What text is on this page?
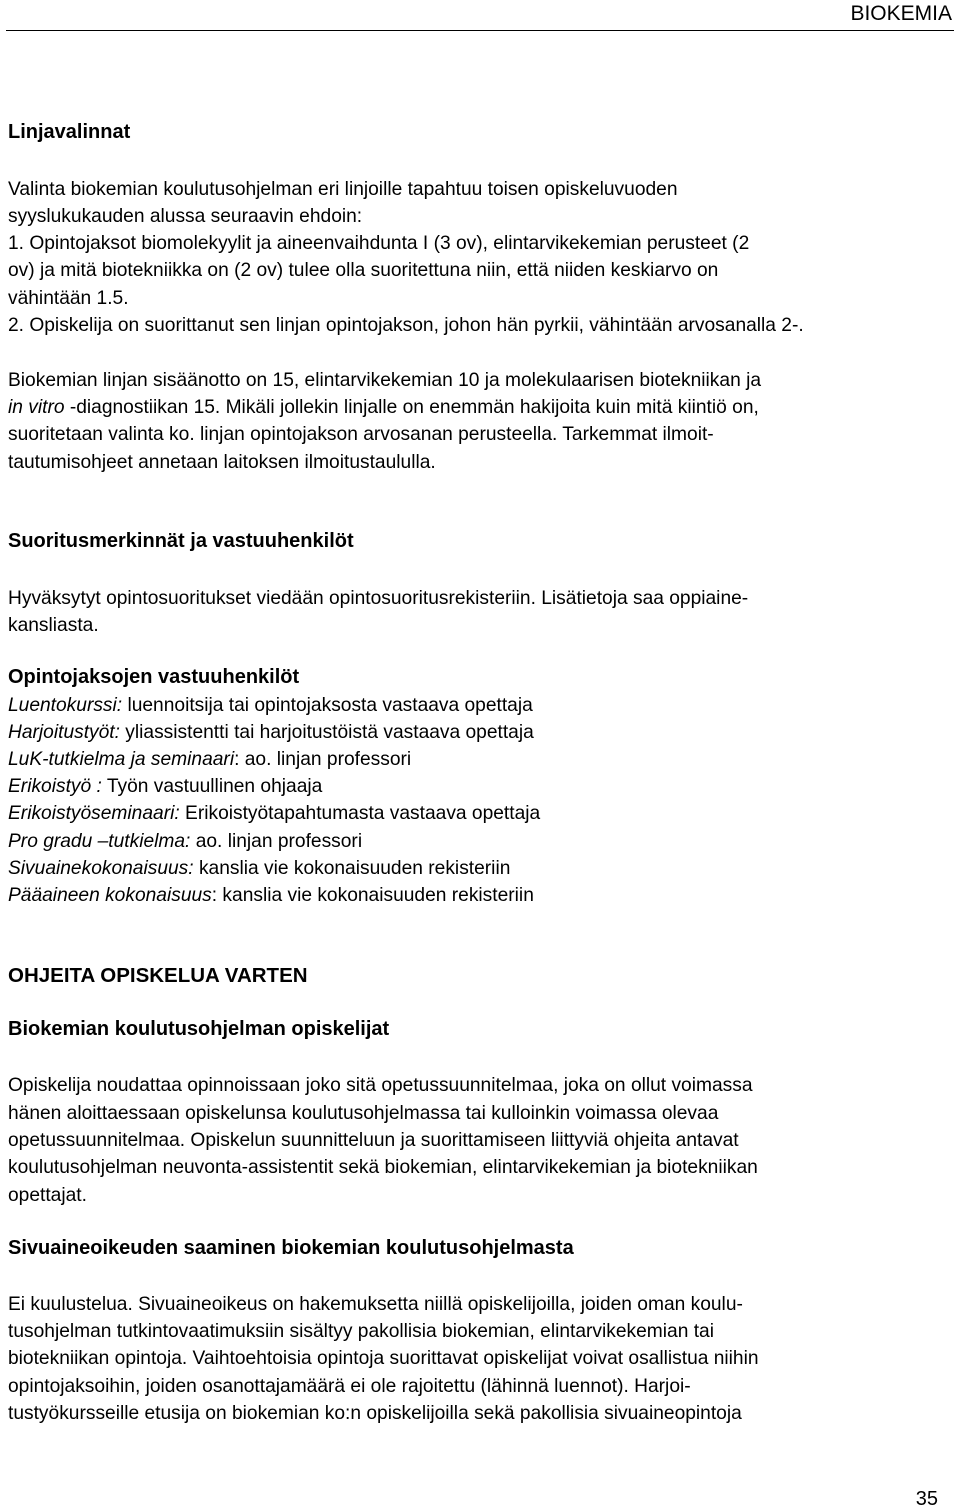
BIOKEMIA
Linjavalinnat

Valinta biokemian koulutusohjelman eri linjoille tapahtuu toisen opiskeluvuoden

syyslukukauden alussa seuraavin ehdoin:

1. Opintojaksot biomolekyylit ja aineenvaihdunta I (3 ov), elintarvikekemian perusteet (2

ov) ja mitä biotekniikka on (2 ov) tulee olla suoritettuna niin, että niiden keskiarvo on

vähintään 1.5.

2. Opiskelija on suorittanut sen linjan opintojakson, johon hän pyrkii, vähintään arvosanalla 2-.

Biokemian linjan sisäänotto on 15, elintarvikekemian 10 ja molekulaarisen biotekniikan ja

in vitro -diagnostiikan 15. Mikäli jollekin linjalle on enemmän hakijoita kuin mitä kiintiö on,

suoritetaan valinta ko. linjan opintojakson arvosanan perusteella. Tarkemmat ilmoit-

tautumisohjeet annetaan laitoksen ilmoitustaululla.

Suoritusmerkinnät ja vastuuhenkilöt

Hyväksytyt opintosuoritukset viedään opintosuoritusrekisteriin. Lisätietoja saa oppiaine-

kansliasta.

Opintojaksojen vastuuhenkilöt

Luentokurssi: luennoitsija tai opintojaksosta vastaava opettaja

Harjoitustyöt: yliassistentti tai harjoitustöistä vastaava opettaja

LuK-tutkielma ja seminaari: ao. linjan professori

Erikoistyö : Työn vastuullinen ohjaaja

Erikoistyöseminaari: Erikoistyötapahtumasta vastaava opettaja

Pro gradu –tutkielma: ao. linjan professori

Sivuainekokonaisuus: kanslia vie kokonaisuuden rekisteriin

Pääaineen kokonaisuus: kanslia vie kokonaisuuden rekisteriin

OHJEITA OPISKELUA VARTEN
Biokemian koulutusohjelman opiskelijat

Opiskelija noudattaa opinnoissaan joko sitä opetussuunnitelmaa, joka on ollut voimassa

hänen aloittaessaan opiskelunsa koulutusohjelmassa tai kulloinkin voimassa olevaa

opetussuunnitelmaa. Opiskelun suunnitteluun ja suorittamiseen liittyviä ohjeita antavat

koulutusohjelman neuvonta-assistentit sekä biokemian, elintarvikekemian ja biotekniikan

opettajat.

Sivuaineoikeuden saaminen biokemian koulutusohjelmasta

Ei kuulustelua. Sivuaineoikeus on hakemuksetta niillä opiskelijoilla, joiden oman koulu-

tusohjelman tutkintovaatimuksiin sisältyy pakollisia biokemian, elintarvikekemian tai

biotekniikan opintoja. Vaihtoehtoisia opintoja suorittavat opiskelijat voivat osallistua niihin

opintojaksoihin, joiden osanottajamäärä ei ole rajoitettu (lähinnä luennot). Harjoi-

tustyökursseille etusija on biokemian ko:n opiskelijoilla sekä pakollisia sivuaineopintoja

35
